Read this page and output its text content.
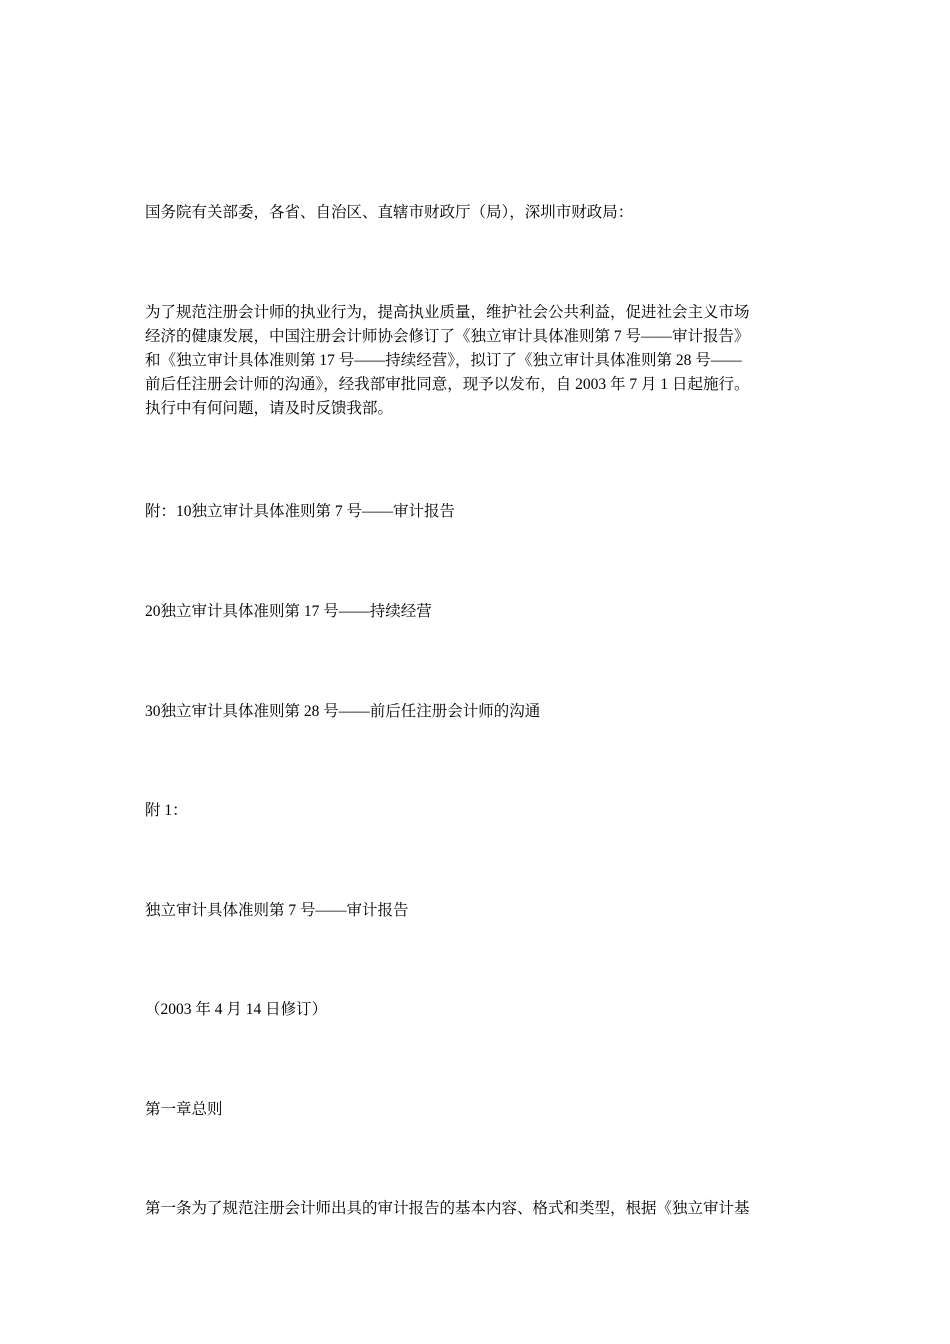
国务院有关部委，各省、自治区、直辖市财政厅（局），深圳市财政局：

为了规范注册会计师的执业行为，提高执业质量，维护社会公共利益，促进社会主义市场
经济的健康发展，中国注册会计师协会修订了《独立审计具体准则第 7 号——审计报告》
和《独立审计具体准则第 17 号——持续经营》，拟订了《独立审计具体准则第 28 号——
前后任注册会计师的沟通》，经我部审批同意，现予以发布，自 2003 年 7 月 1 日起施行。
执行中有何问题，请及时反馈我部。

附：10独立审计具体准则第 7 号——审计报告

20独立审计具体准则第 17 号——持续经营

30独立审计具体准则第 28 号——前后任注册会计师的沟通

附 1：

独立审计具体准则第 7 号——审计报告

（2003 年 4 月 14 日修订）

第一章总则

第一条为了规范注册会计师出具的审计报告的基本内容、格式和类型，根据《独立审计基
